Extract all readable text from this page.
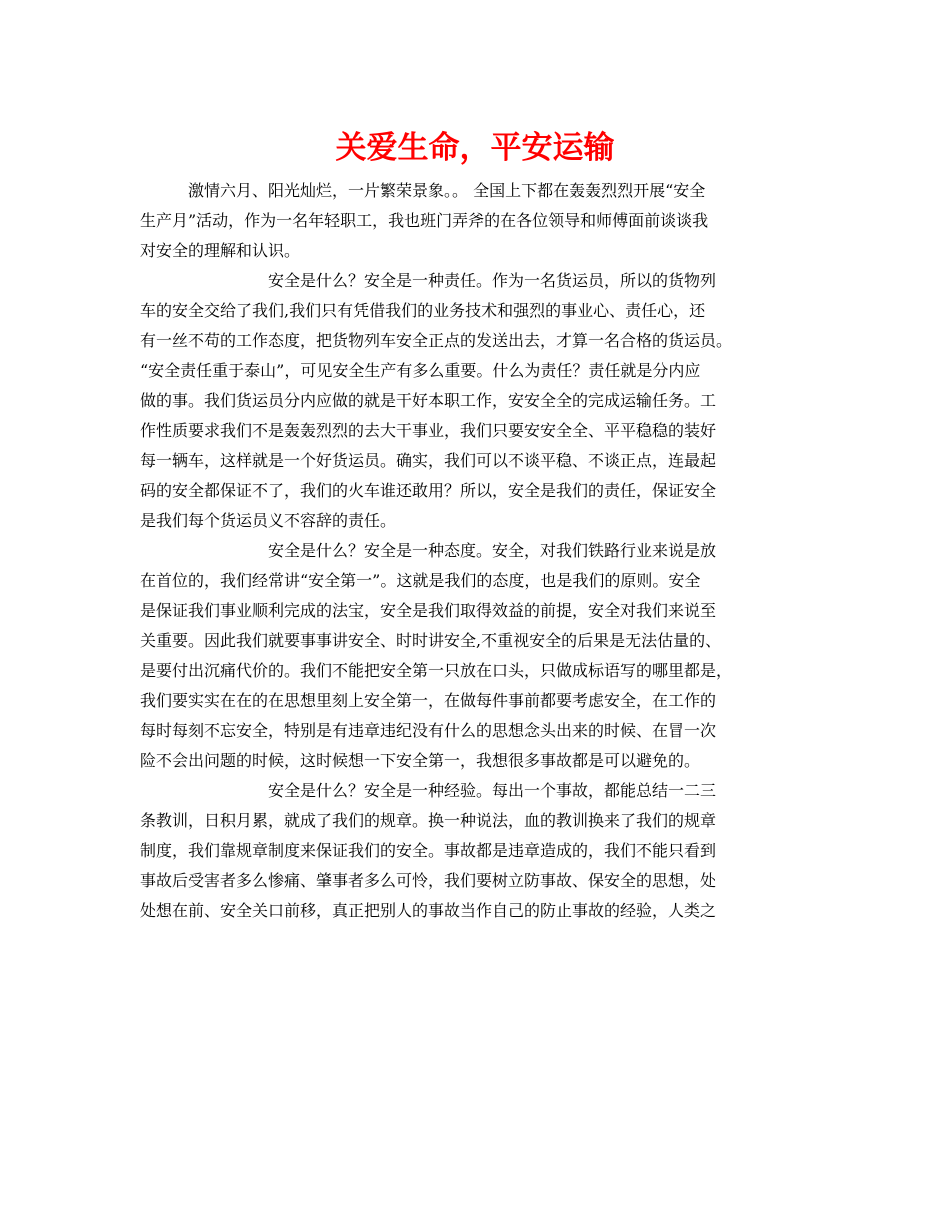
关爱生命，平安运输
激情六月、阳光灿烂，一片繁荣景象。。 全国上下都在轰轰烈烈开展“安全
生产月”活动，作为一名年轻职工，我也班门弄斧的在各位领导和师傅面前谈谈我
对安全的理解和认识。
安全是什么？安全是一种责任。作为一名货运员，所以的货物列
车的安全交给了我们,我们只有凭借我们的业务技术和强烈的事业心、责任心，还
有一丝不苟的工作态度，把货物列车安全正点的发送出去，才算一名合格的货运员。
“安全责任重于泰山”，可见安全生产有多么重要。什么为责任？责任就是分内应
做的事。我们货运员分内应做的就是干好本职工作，安安全全的完成运输任务。工
作性质要求我们不是轰轰烈烈的去大干事业，我们只要安安全全、平平稳稳的装好
每一辆车，这样就是一个好货运员。确实，我们可以不谈平稳、不谈正点，连最起
码的安全都保证不了，我们的火车谁还敢用？所以，安全是我们的责任，保证安全
是我们每个货运员义不容辞的责任。
安全是什么？安全是一种态度。安全，对我们铁路行业来说是放
在首位的，我们经常讲“安全第一”。这就是我们的态度，也是我们的原则。安全
是保证我们事业顺利完成的法宝，安全是我们取得效益的前提，安全对我们来说至
关重要。因此我们就要事事讲安全、时时讲安全,不重视安全的后果是无法估量的、
是要付出沉痛代价的。我们不能把安全第一只放在口头，只做成标语写的哪里都是，
我们要实实在在的在思想里刻上安全第一，在做每件事前都要考虑安全，在工作的
每时每刻不忘安全，特别是有违章违纪没有什么的思想念头出来的时候、在冒一次
险不会出问题的时候，这时候想一下安全第一，我想很多事故都是可以避免的。
安全是什么？安全是一种经验。每出一个事故，都能总结一二三
条教训，日积月累，就成了我们的规章。换一种说法，血的教训换来了我们的规章
制度，我们靠规章制度来保证我们的安全。事故都是违章造成的，我们不能只看到
事故后受害者多么惨痛、肇事者多么可怜，我们要树立防事故、保安全的思想，处
处想在前、安全关口前移，真正把别人的事故当作自己的防止事故的经验，人类之
